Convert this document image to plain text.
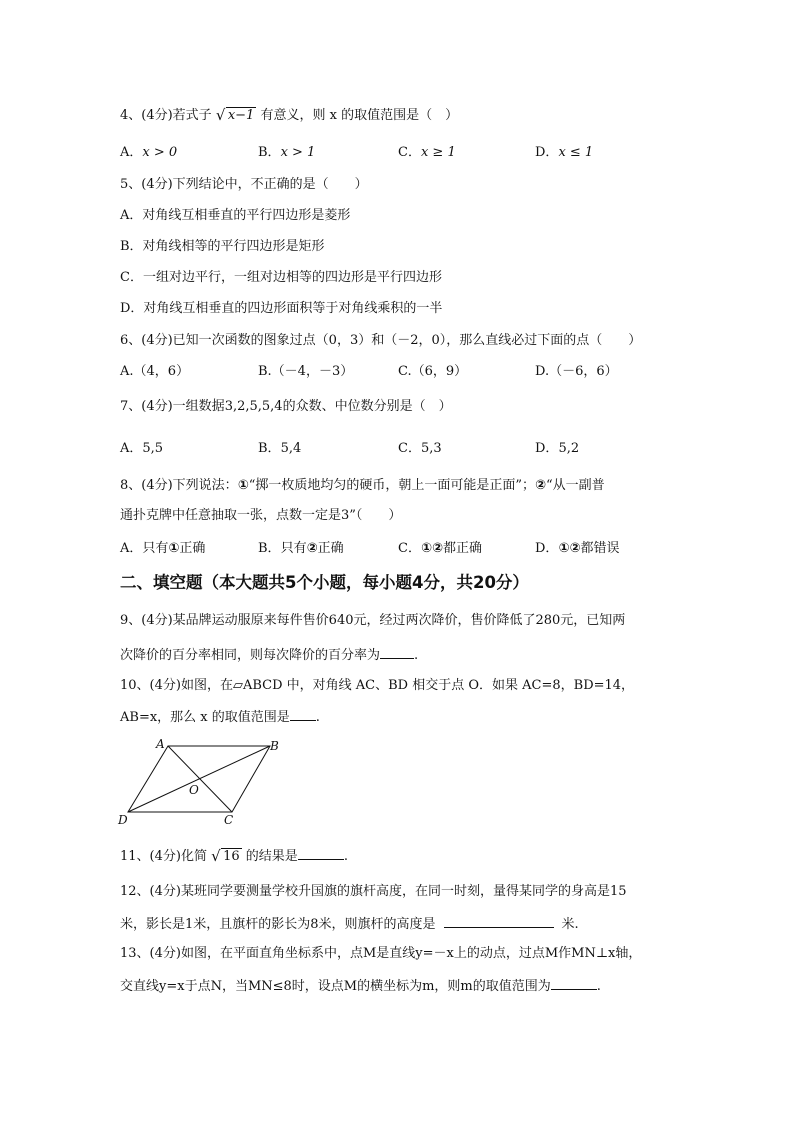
4、(4分)若式子 √ x−1 有意义，则 x 的取值范围是（　）
A．x > 0	B．x > 1	C．x ≥ 1	D．x ≤ 1
5、(4分)下列结论中，不正确的是（　　）
A．对角线互相垂直的平行四边形是菱形
B．对角线相等的平行四边形是矩形
C．一组对边平行，一组对边相等的四边形是平行四边形
D．对角线互相垂直的四边形面积等于对角线乘积的一半
6、(4分)已知一次函数的图象过点（0，3）和（－2，0），那么直线必过下面的点（　　）
A.（4，6）	B.（－4，－3）	C.（6，9）	D.（－6，6）
7、(4分)一组数据3,2,5,5,4的众数、中位数分别是（　）
A．5,5	B．5,4	C．5,3	D．5,2
8、(4分)下列说法：①“掷一枚质地均匀的硬币，朝上一面可能是正面”；②“从一副普
通扑克牌中任意抽取一张，点数一定是3”（　　）
A．只有①正确	B．只有②正确	C．①②都正确	D．①②都错误
二、填空题（本大题共5个小题，每小题4分，共20分）
9、(4分)某品牌运动服原来每件售价640元，经过两次降价，售价降低了280元，已知两
次降价的百分率相同，则每次降价的百分率为	.
10、(4分)如图，在▱ABCD 中，对角线 AC、BD 相交于点 O．如果 AC=8，BD=14，
AB=x，那么 x 的取值范围是 .
A	B
C
D
O
11、(4分)化简 √ 16 的结果是	.
12、(4分)某班同学要测量学校升国旗的旗杆高度，在同一时刻，量得某同学的身高是15
米，影长是1米，且旗杆的影长为8米，则旗杆的高度是	米.
13、(4分)如图，在平面直角坐标系中，点M是直线y=－x上的动点，过点M作MN⊥x轴，
交直线y=x于点N，当MN≤8时，设点M的横坐标为m，则m的取值范围为	.
